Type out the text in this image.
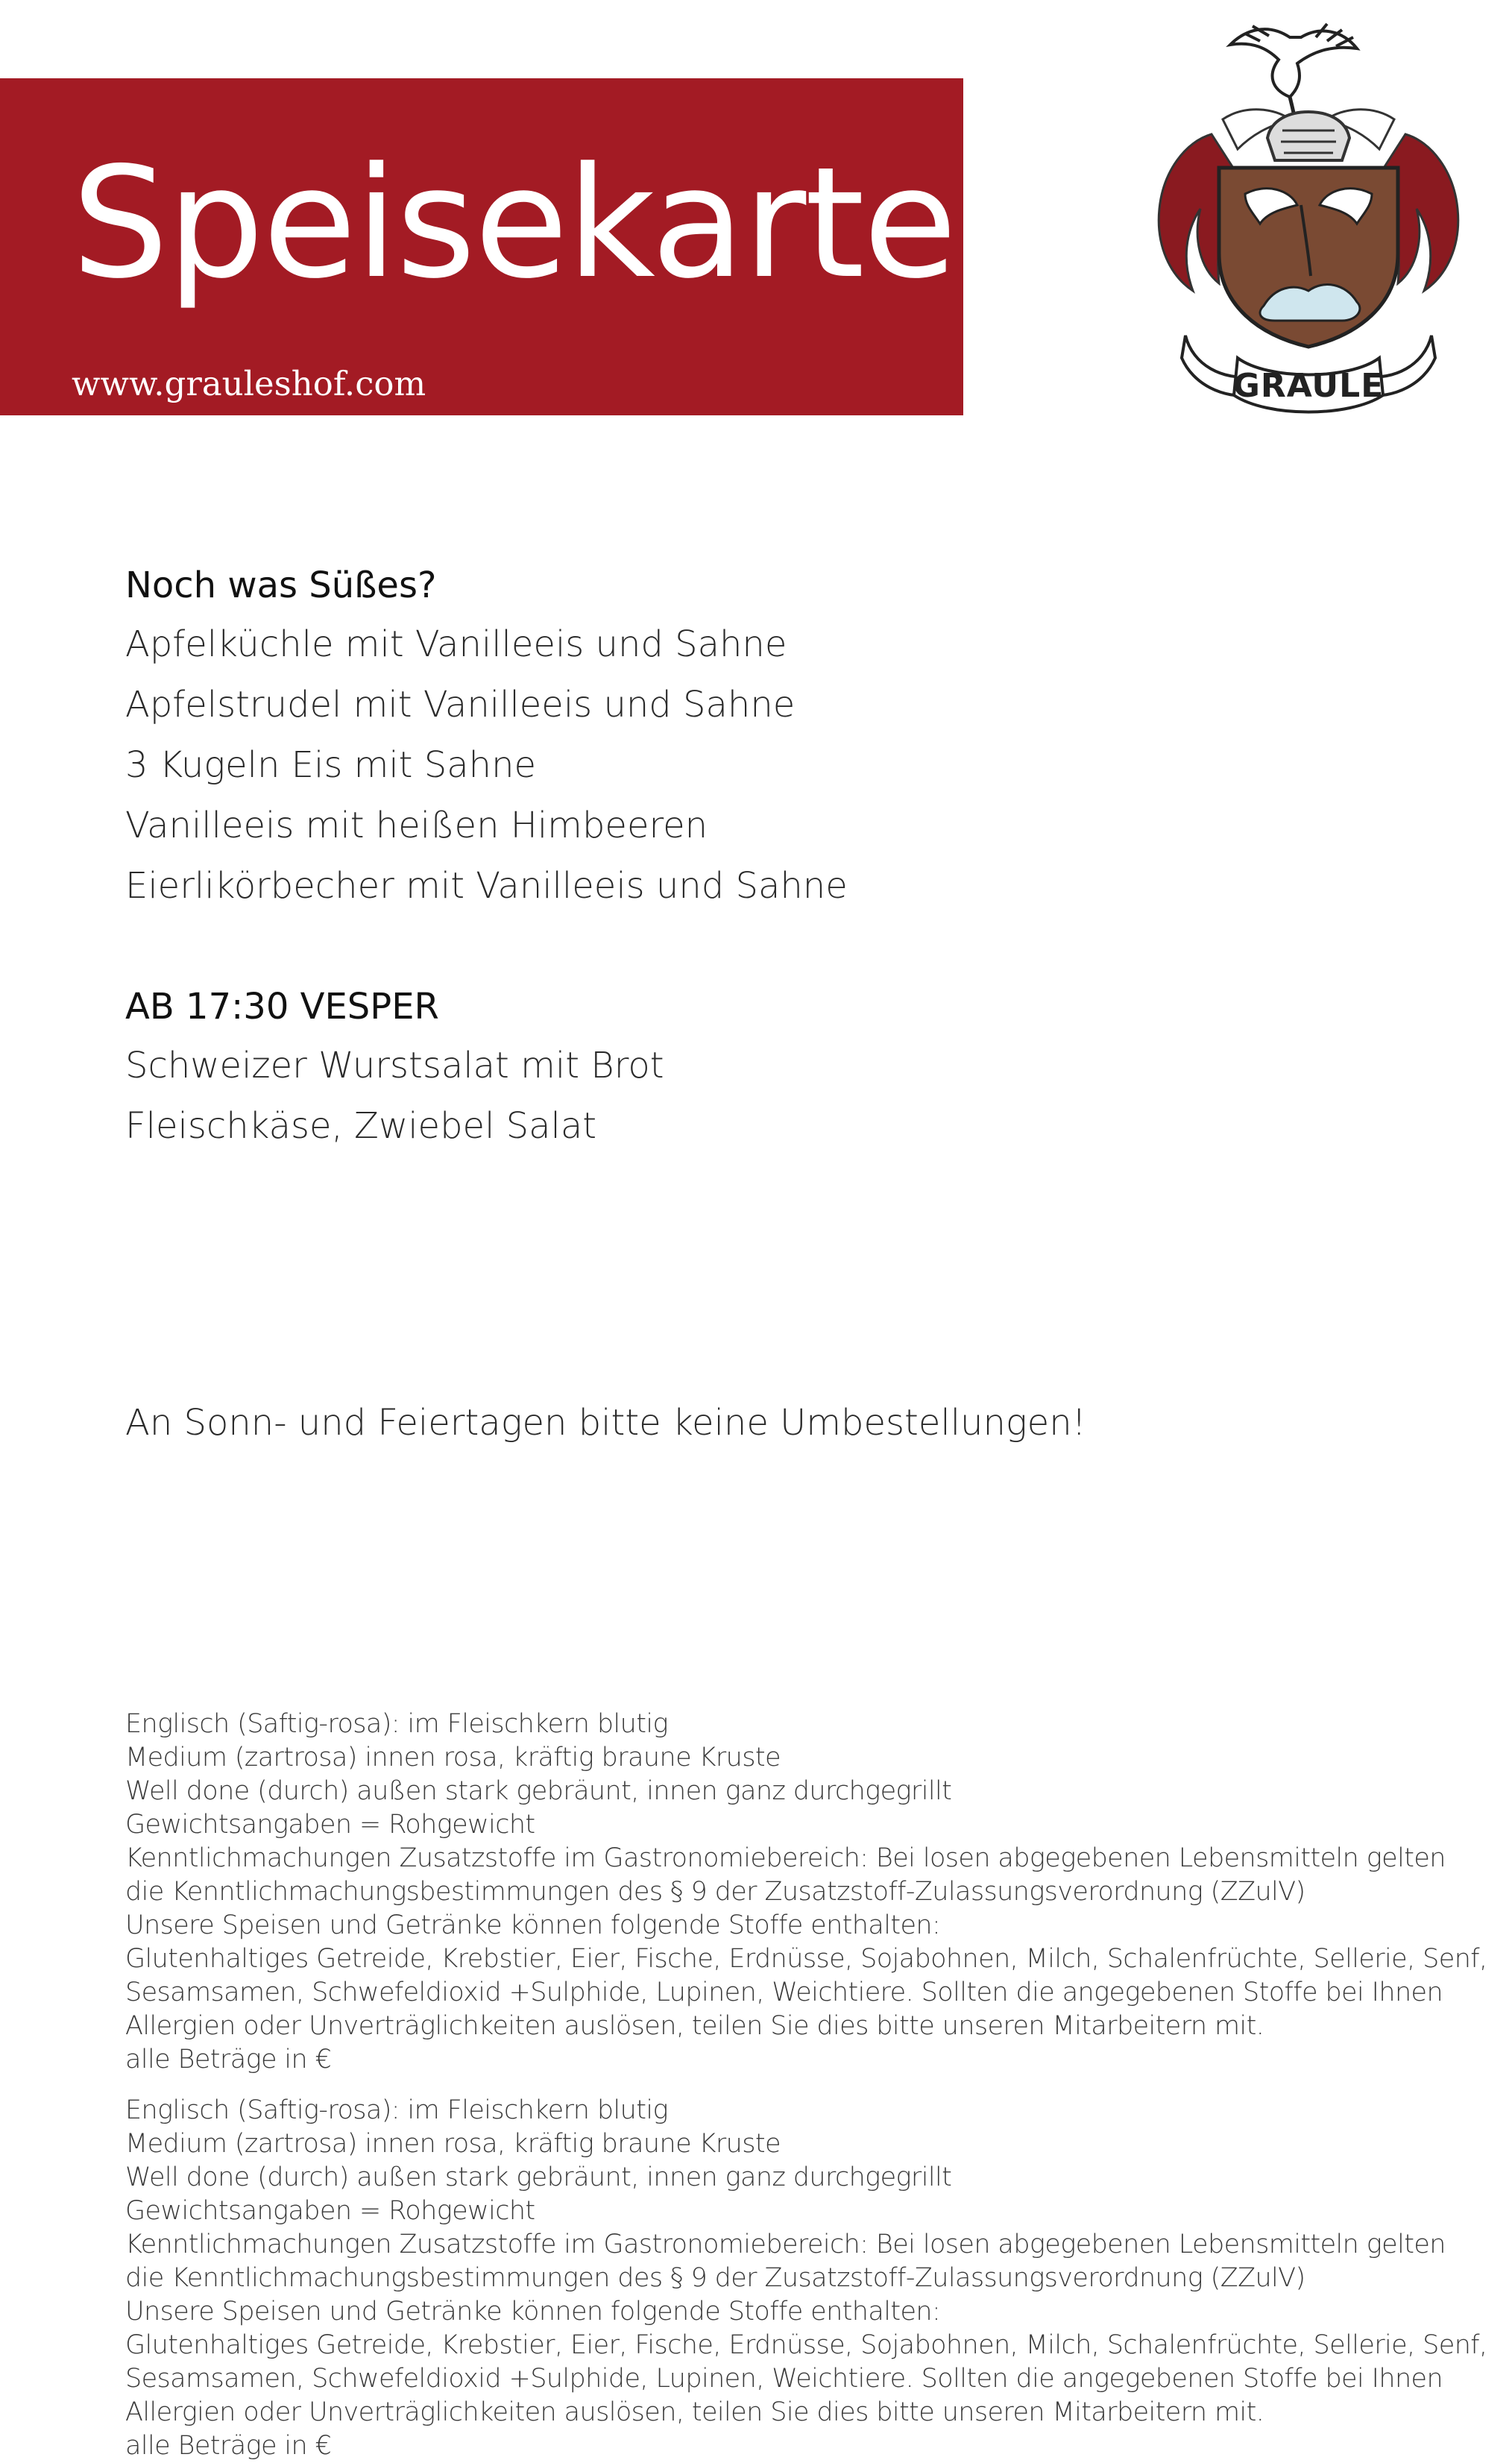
Speisekarte
www.grauleshof.com	GRAULE
Noch was Süßes?
Apfelküchle mit Vanilleeis und Sahne
Apfelstrudel mit Vanilleeis und Sahne
3 Kugeln Eis mit Sahne
Vanilleeis mit heißen Himbeeren
Eierlikörbecher mit Vanilleeis und Sahne
AB 17:30 VESPER
Schweizer Wurstsalat mit Brot
Fleischkäse, Zwiebel Salat
An Sonn- und Feiertagen bitte keine Umbestellungen!
Englisch (Saftig-rosa): im Fleischkern blutig
Medium (zartrosa) innen rosa, kräftig braune Kruste
Well done (durch) außen stark gebräunt, innen ganz durchgegrillt
Gewichtsangaben = Rohgewicht
Kenntlichmachungen Zusatzstoffe im Gastronomiebereich: Bei losen abgegebenen Lebensmitteln gelten
die Kenntlichmachungsbestimmungen des § 9 der Zusatzstoff-Zulassungsverordnung (ZZulV)
Unsere Speisen und Getränke können folgende Stoffe enthalten:
Glutenhaltiges Getreide, Krebstier, Eier, Fische, Erdnüsse, Sojabohnen, Milch, Schalenfrüchte, Sellerie, Senf,
Sesamsamen, Schwefeldioxid +Sulphide, Lupinen, Weichtiere. Sollten die angegebenen Stoffe bei Ihnen
Allergien oder Unverträglichkeiten auslösen, teilen Sie dies bitte unseren Mitarbeitern mit.
alle Beträge in €
Englisch (Saftig-rosa): im Fleischkern blutig
Medium (zartrosa) innen rosa, kräftig braune Kruste
Well done (durch) außen stark gebräunt, innen ganz durchgegrillt
Gewichtsangaben = Rohgewicht
Kenntlichmachungen Zusatzstoffe im Gastronomiebereich: Bei losen abgegebenen Lebensmitteln gelten
die Kenntlichmachungsbestimmungen des § 9 der Zusatzstoff-Zulassungsverordnung (ZZulV)
Unsere Speisen und Getränke können folgende Stoffe enthalten:
Glutenhaltiges Getreide, Krebstier, Eier, Fische, Erdnüsse, Sojabohnen, Milch, Schalenfrüchte, Sellerie, Senf,
Sesamsamen, Schwefeldioxid +Sulphide, Lupinen, Weichtiere. Sollten die angegebenen Stoffe bei Ihnen
Allergien oder Unverträglichkeiten auslösen, teilen Sie dies bitte unseren Mitarbeitern mit.
alle Beträge in €
